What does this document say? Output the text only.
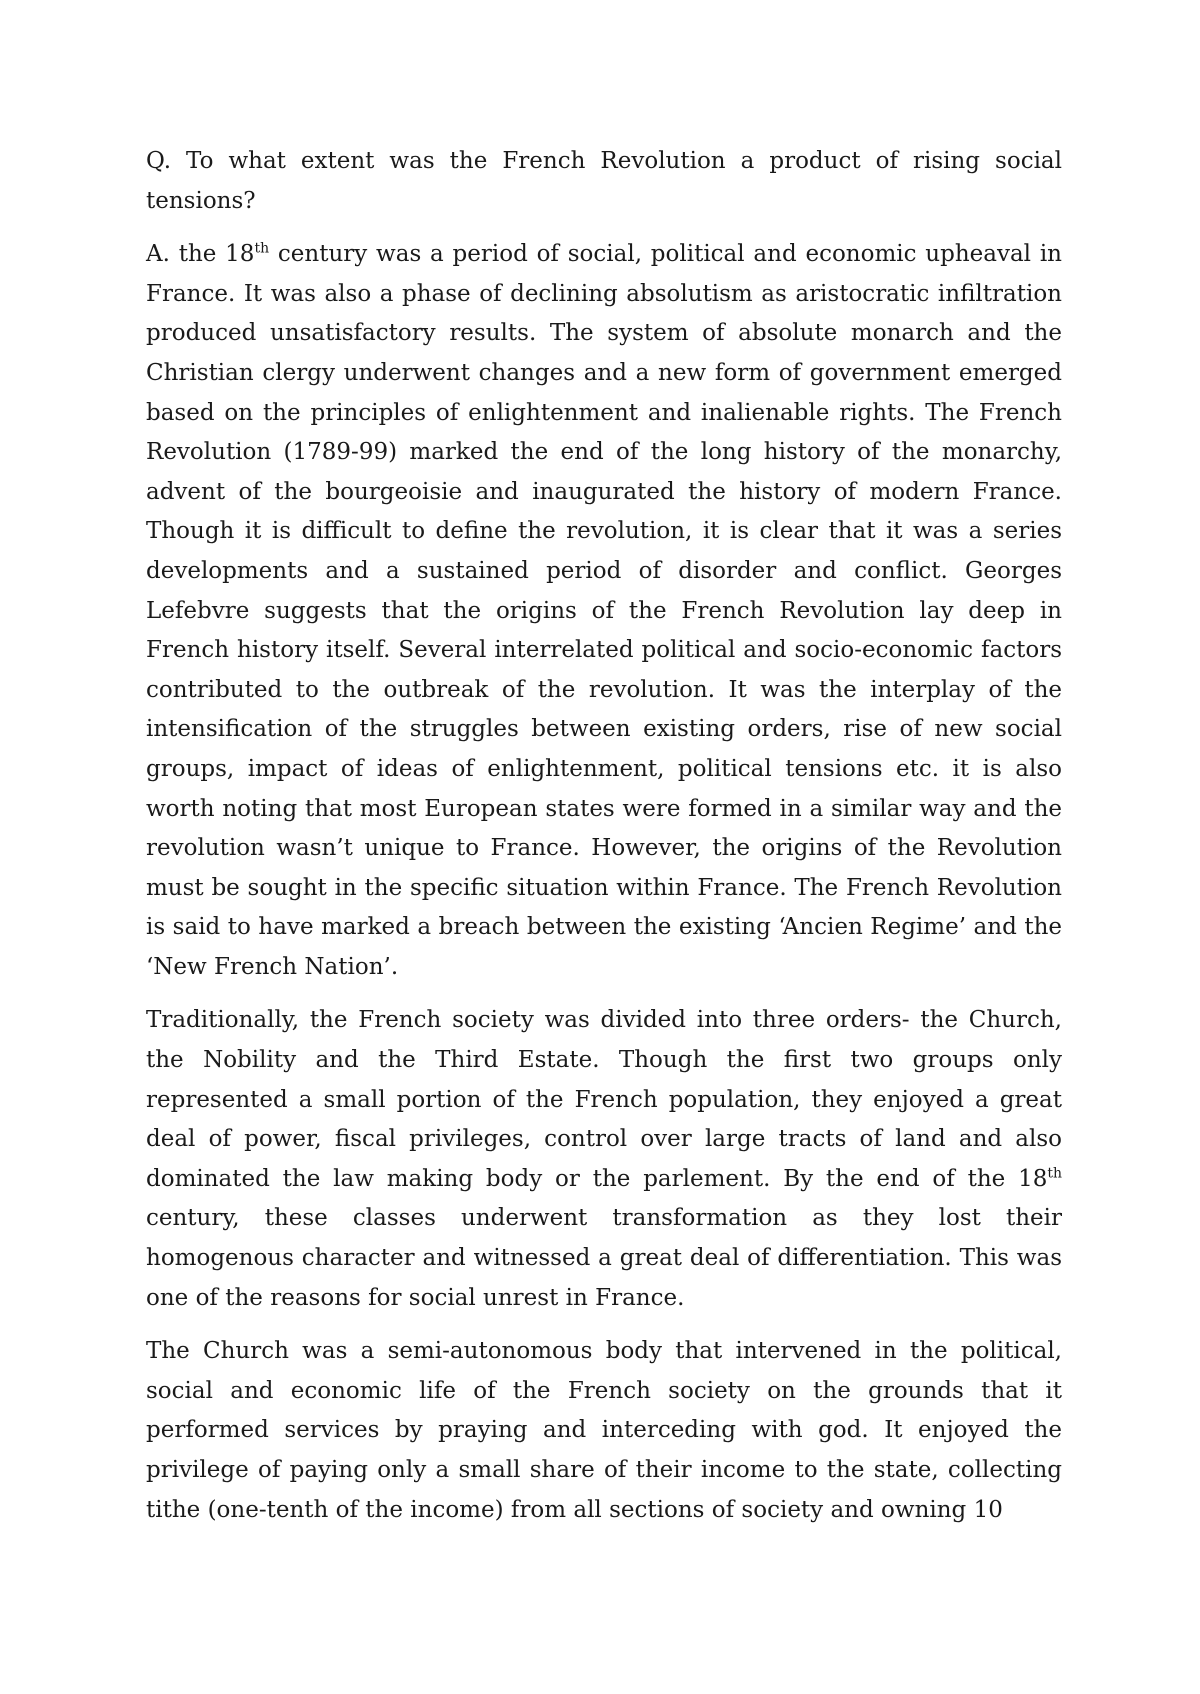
Q. To what extent was the French Revolution a product of rising social tensions?

A. the 18th century was a period of social, political and economic upheaval in France. It was also a phase of declining absolutism as aristocratic infiltration produced unsatisfactory results. The system of absolute monarch and the Christian clergy underwent changes and a new form of government emerged based on the principles of enlightenment and inalienable rights. The French Revolution (1789-99) marked the end of the long history of the monarchy, advent of the bourgeoisie and inaugurated the history of modern France. Though it is difficult to define the revolution, it is clear that it was a series developments and a sustained period of disorder and conflict. Georges Lefebvre suggests that the origins of the French Revolution lay deep in French history itself. Several interrelated political and socio-economic factors contributed to the outbreak of the revolution. It was the interplay of the intensification of the struggles between existing orders, rise of new social groups, impact of ideas of enlightenment, political tensions etc. it is also worth noting that most European states were formed in a similar way and the revolution wasn’t unique to France. However, the origins of the Revolution must be sought in the specific situation within France. The French Revolution is said to have marked a breach between the existing ‘Ancien Regime’ and the ‘New French Nation’.

Traditionally, the French society was divided into three orders- the Church, the Nobility and the Third Estate. Though the first two groups only represented a small portion of the French population, they enjoyed a great deal of power, fiscal privileges, control over large tracts of land and also dominated the law making body or the parlement. By the end of the 18th century, these classes underwent transformation as they lost their homogenous character and witnessed a great deal of differentiation. This was one of the reasons for social unrest in France.

The Church was a semi-autonomous body that intervened in the political, social and economic life of the French society on the grounds that it performed services by praying and interceding with god. It enjoyed the privilege of paying only a small share of their income to the state, collecting tithe (one-tenth of the income) from all sections of society and owning 10
